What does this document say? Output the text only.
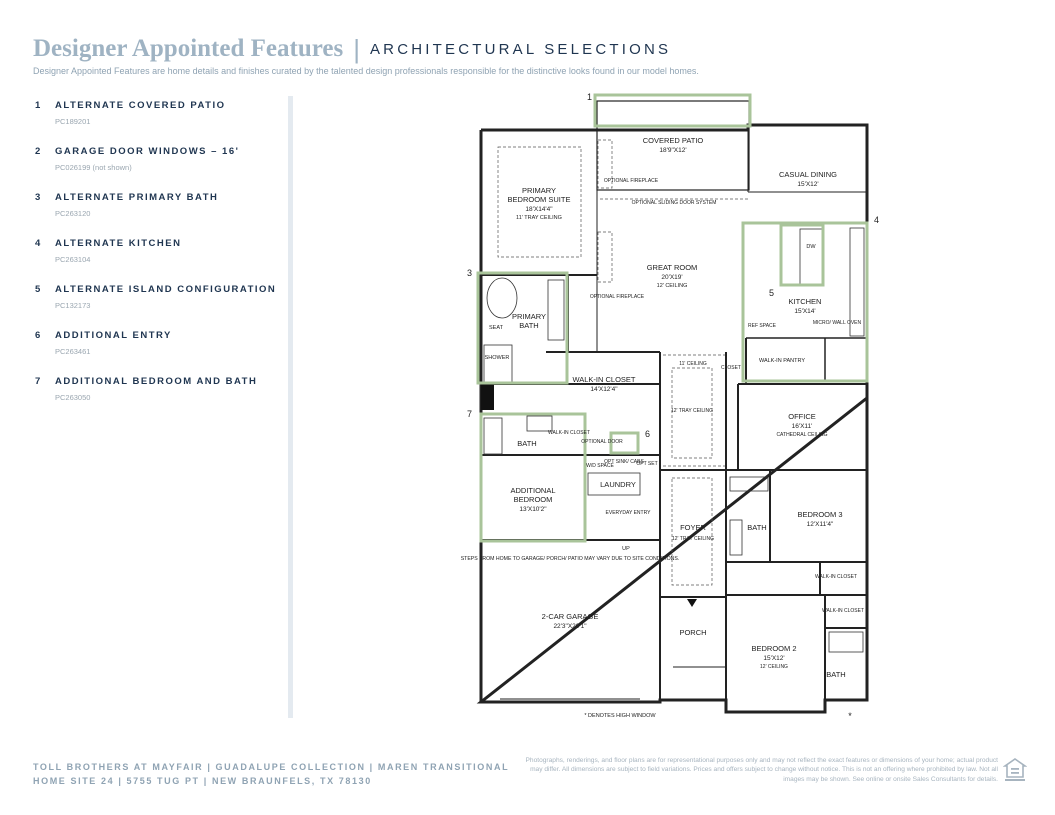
Designer Appointed Features | ARCHITECTURAL SELECTIONS
Designer Appointed Features are home details and finishes curated by the talented design professionals responsible for the distinctive looks found in our model homes.
1	ALTERNATE COVERED PATIO
PC189201
2	GARAGE DOOR WINDOWS – 16'
PC026199 (not shown)
3	ALTERNATE PRIMARY BATH
PC263120
4	ALTERNATE KITCHEN
PC263104
5	ALTERNATE ISLAND CONFIGURATION
PC132173
6	ADDITIONAL ENTRY
PC263461
7	ADDITIONAL BEDROOM AND BATH
PC263050
1
3
4
5
6
7
COVERED PATIO
18'9"X12'
CASUAL DINING
15'X12'
PRIMARY
BEDROOM SUITE
18'X14'4"
11' TRAY CEILING
OPTIONAL FIREPLACE
OPTIONAL SLIDING DOOR SYSTEM
GREAT ROOM
20'X19'
12' CEILING
OPTIONAL FIREPLACE
DW
KITCHEN
15'X14'
MICRO/ WALL OVEN
REF SPACE
WALK-IN PANTRY
PRIMARY
BATH
SEAT
SHOWER
WALK-IN CLOSET
14'X12'4"
11' CEILING
CLOSET
12' TRAY CEILING
OFFICE
16'X11'
CATHEDRAL CEILING
BATH
WALK-IN CLOSET
OPTIONAL DOOR
W/D SPACE
OPT SINK/ CABS
OPT SET
LAUNDRY
ADDITIONAL
BEDROOM
13'X10'2"	EVERYDAY ENTRY
UP
FOYER
12' TRAY CEILING
BATH
BEDROOM 3
12'X11'4"
WALK-IN CLOSET
STEPS FROM HOME TO GARAGE/ PORCH/ PATIO MAY VARY DUE TO SITE CONDITIONS.
2-CAR GARAGE
22'3"X20'1"
PORCH
WALK-IN CLOSET
BEDROOM 2
15'X12'
12' CEILING
BATH
* DENOTES HIGH WINDOW	*
TOLL BROTHERS AT MAYFAIR | GUADALUPE COLLECTION | MAREN TRANSITIONAL
HOME SITE 24 | 5755 TUG PT | NEW BRAUNFELS, TX 78130
Photographs, renderings, and floor plans are for representational purposes only and may not reflect the exact features or dimensions of your home; actual product may differ. All dimensions are subject to field variations. Prices and offers subject to change without notice. This is not an offering where prohibited by law. Not all images may be shown. See online or onsite Sales Consultants for details.
